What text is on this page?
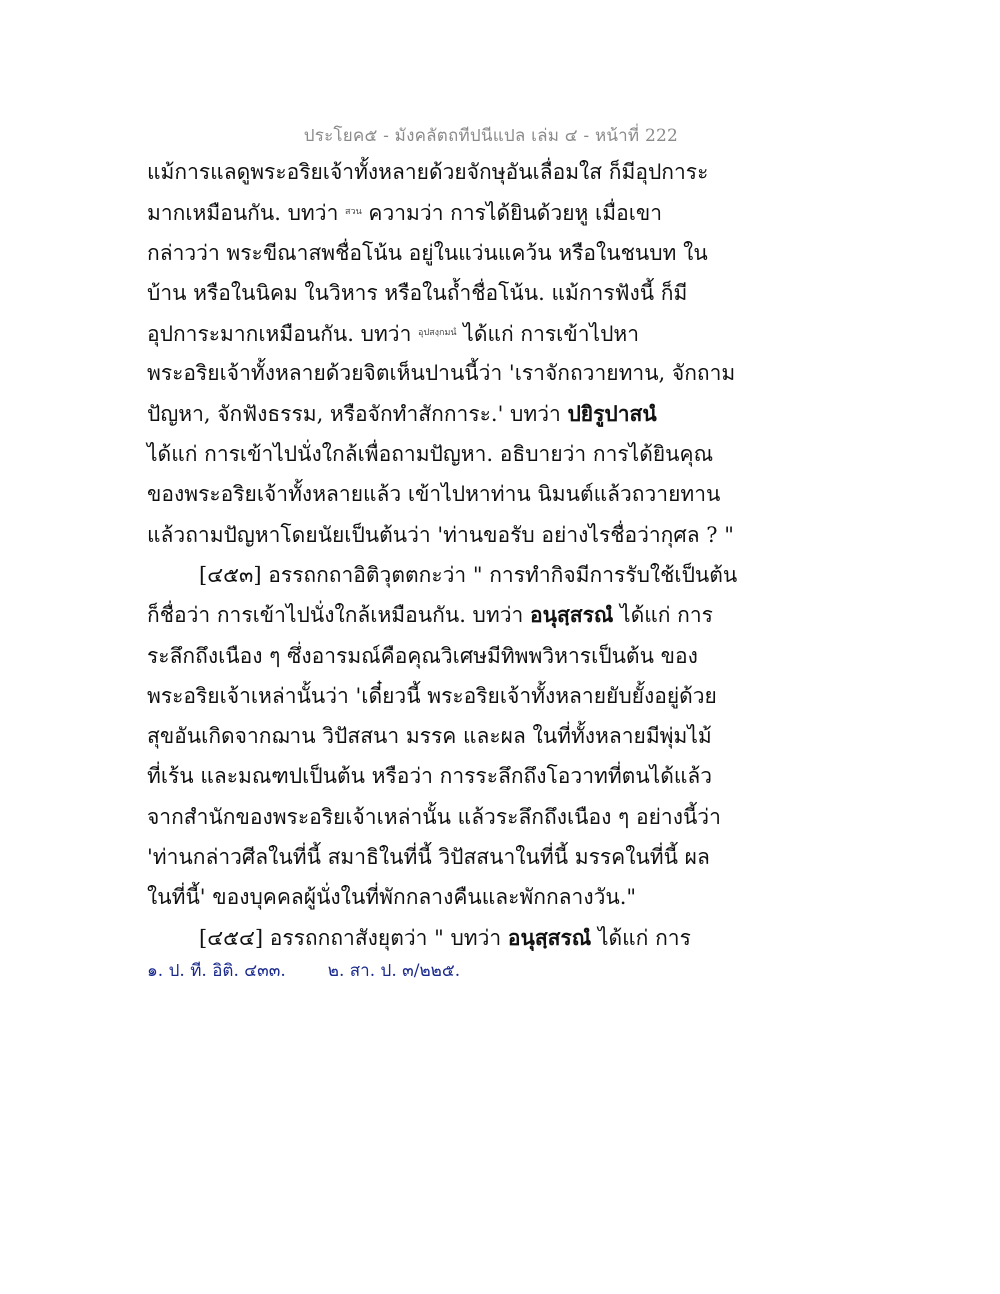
ประโยค๕ - มังคลัตถทีปนีแปล เล่ม ๔ - หน้าที่ 222
แม้การแลดูพระอริยเจ้าทั้งหลายด้วยจักษุอันเลื่อมใส ก็มีอุปการะ
มากเหมือนกัน. บทว่า $^{สวน}$ ความว่า การได้ยินด้วยหู เมื่อเขา
กล่าวว่า พระขีณาสพชื่อโน้น อยู่ในแว่นแคว้น หรือในชนบท ใน
บ้าน หรือในนิคม ในวิหาร หรือในถ้ำชื่อโน้น. แม้การฟังนี้ ก็มี
อุปการะมากเหมือนกัน. บทว่า $^{อุปสงฺกมนํ}$ ได้แก่ การเข้าไปหา
พระอริยเจ้าทั้งหลายด้วยจิตเห็นปานนี้ว่า 'เราจักถวายทาน, จักถาม
ปัญหา, จักฟังธรรม, หรือจักทำสักการะ.' บทว่า ปยิรูปาสนํ
ได้แก่ การเข้าไปนั่งใกล้เพื่อถามปัญหา. อธิบายว่า การได้ยินคุณ
ของพระอริยเจ้าทั้งหลายแล้ว เข้าไปหาท่าน นิมนต์แล้วถวายทาน
แล้วถามปัญหาโดยนัยเป็นต้นว่า 'ท่านขอรับ อย่างไรชื่อว่ากุศล ? "
[๔๕๓] อรรถกถาอิติวุตตกะว่า " การทำกิจมีการรับใช้เป็นต้น
ก็ชื่อว่า การเข้าไปนั่งใกล้เหมือนกัน. บทว่า อนุสฺสรณํ ได้แก่ การ
ระลึกถึงเนือง ๆ ซึ่งอารมณ์คือคุณวิเศษมีทิพพวิหารเป็นต้น ของ
พระอริยเจ้าเหล่านั้นว่า 'เดี๋ยวนี้ พระอริยเจ้าทั้งหลายยับยั้งอยู่ด้วย
สุขอันเกิดจากฌาน วิปัสสนา มรรค และผล ในที่ทั้งหลายมีพุ่มไม้
ที่เร้น และมณฑปเป็นต้น หรือว่า การระลึกถึงโอวาทที่ตนได้แล้ว
จากสำนักของพระอริยเจ้าเหล่านั้น แล้วระลึกถึงเนือง ๆ อย่างนี้ว่า
'ท่านกล่าวศีลในที่นี้ สมาธิในที่นี้ วิปัสสนาในที่นี้ มรรคในที่นี้ ผล
ในที่นี้' ของบุคคลผู้นั่งในที่พักกลางคืนและพักกลางวัน."
[๔๕๔] อรรถกถาสังยุตว่า " บทว่า อนุสฺสรณํ ได้แก่ การ
๑. ป. ที. อิติ. ๔๓๓. ๒. สา. ป. ๓/๒๒๕.
